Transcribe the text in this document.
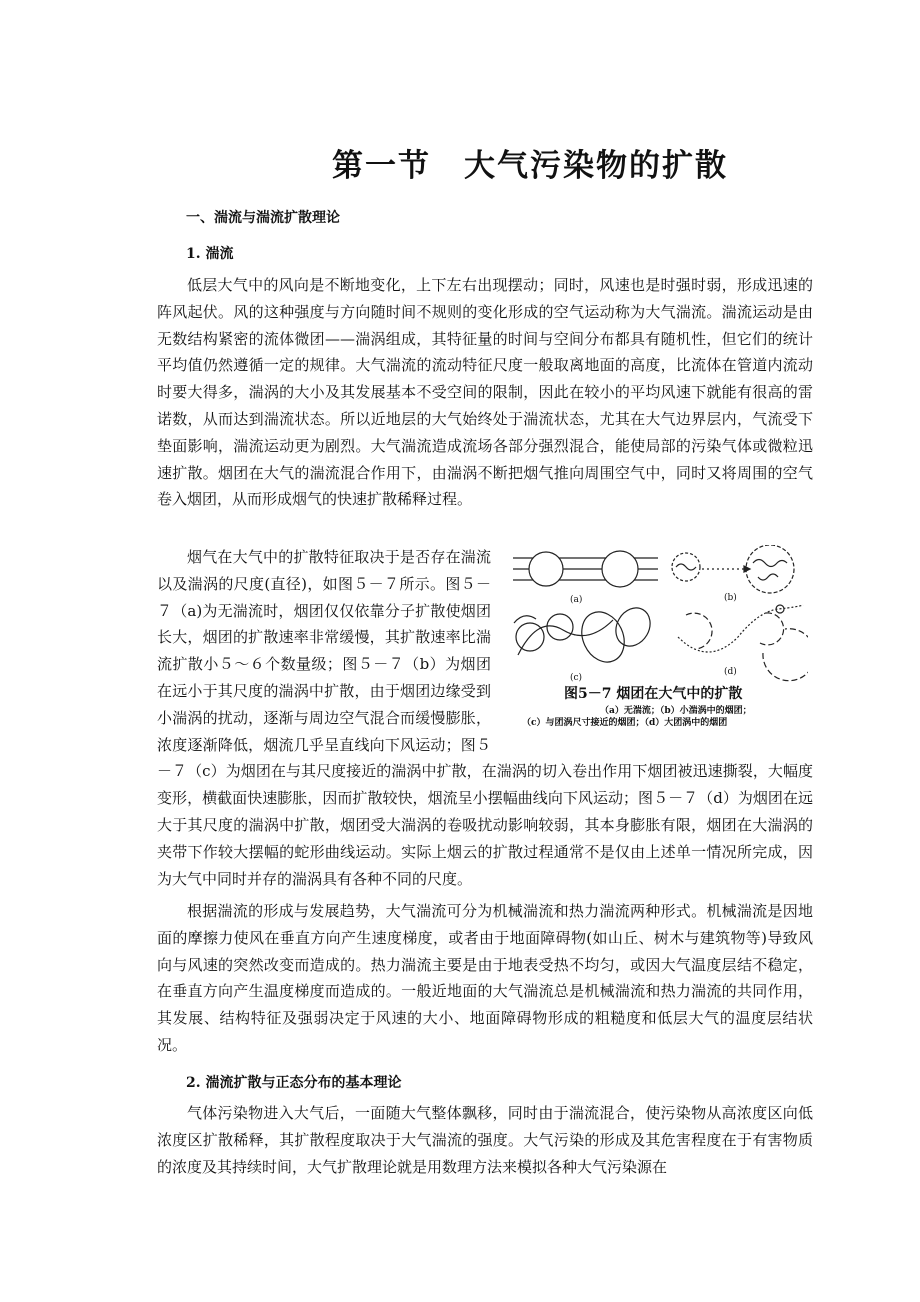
第一节　大气污染物的扩散
一、湍流与湍流扩散理论
1. 湍流

低层大气中的风向是不断地变化，上下左右出现摆动；同时，风速也是时强时弱，形成迅速的阵风起伏。风的这种强度与方向随时间不规则的变化形成的空气运动称为大气湍流。湍流运动是由无数结构紧密的流体微团——湍涡组成，其特征量的时间与空间分布都具有随机性，但它们的统计平均值仍然遵循一定的规律。大气湍流的流动特征尺度一般取离地面的高度，比流体在管道内流动时要大得多，湍涡的大小及其发展基本不受空间的限制，因此在较小的平均风速下就能有很高的雷诺数，从而达到湍流状态。所以近地层的大气始终处于湍流状态，尤其在大气边界层内，气流受下垫面影响，湍流运动更为剧烈。大气湍流造成流场各部分强烈混合，能使局部的污染气体或微粒迅速扩散。烟团在大气的湍流混合作用下，由湍涡不断把烟气推向周围空气中，同时又将周围的空气卷入烟团，从而形成烟气的快速扩散稀释过程。

烟气在大气中的扩散特征取决于是否存在湍流以及湍涡的尺度(直径)，如图５－７所示。图５－７（a)为无湍流时，烟团仅仅依靠分子扩散使烟团长大，烟团的扩散速率非常缓慢，其扩散速率比湍流扩散小５～６个数量级；图５－７（b）为烟团在远小于其尺度的湍涡中扩散，由于烟团边缘受到小湍涡的扰动，逐渐与周边空气混合而缓慢膨胀，浓度逐渐降低，烟流几乎呈直线向下风运动；图５－７（c）为烟团在与其尺度接近的湍涡中扩散，在湍涡的切入卷出作用下烟团被迅速撕裂，大幅度变形，横截面快速膨胀，因而扩散较快，烟流呈小摆幅曲线向下风运动；图５－７（d）为烟团在远大于其尺度的湍涡中扩散，烟团受大湍涡的卷吸扰动影响较弱，其本身膨胀有限，烟团在大湍涡的夹带下作较大摆幅的蛇形曲线运动。实际上烟云的扩散过程通常不是仅由上述单一情况所完成，因为大气中同时并存的湍涡具有各种不同的尺度。
(a)	(b)
(c)
(d)
图5－7 烟团在大气中的扩散
（a）无湍流；（b）小湍涡中的烟团；
（c）与团涡尺寸接近的烟团；（d）大团涡中的烟团

根据湍流的形成与发展趋势，大气湍流可分为机械湍流和热力湍流两种形式。机械湍流是因地面的摩擦力使风在垂直方向产生速度梯度，或者由于地面障碍物(如山丘、树木与建筑物等)导致风向与风速的突然改变而造成的。热力湍流主要是由于地表受热不均匀，或因大气温度层结不稳定，在垂直方向产生温度梯度而造成的。一般近地面的大气湍流总是机械湍流和热力湍流的共同作用，其发展、结构特征及强弱决定于风速的大小、地面障碍物形成的粗糙度和低层大气的温度层结状况。

2. 湍流扩散与正态分布的基本理论

气体污染物进入大气后，一面随大气整体飘移，同时由于湍流混合，使污染物从高浓度区向低浓度区扩散稀释，其扩散程度取决于大气湍流的强度。大气污染的形成及其危害程度在于有害物质的浓度及其持续时间，大气扩散理论就是用数理方法来模拟各种大气污染源在
